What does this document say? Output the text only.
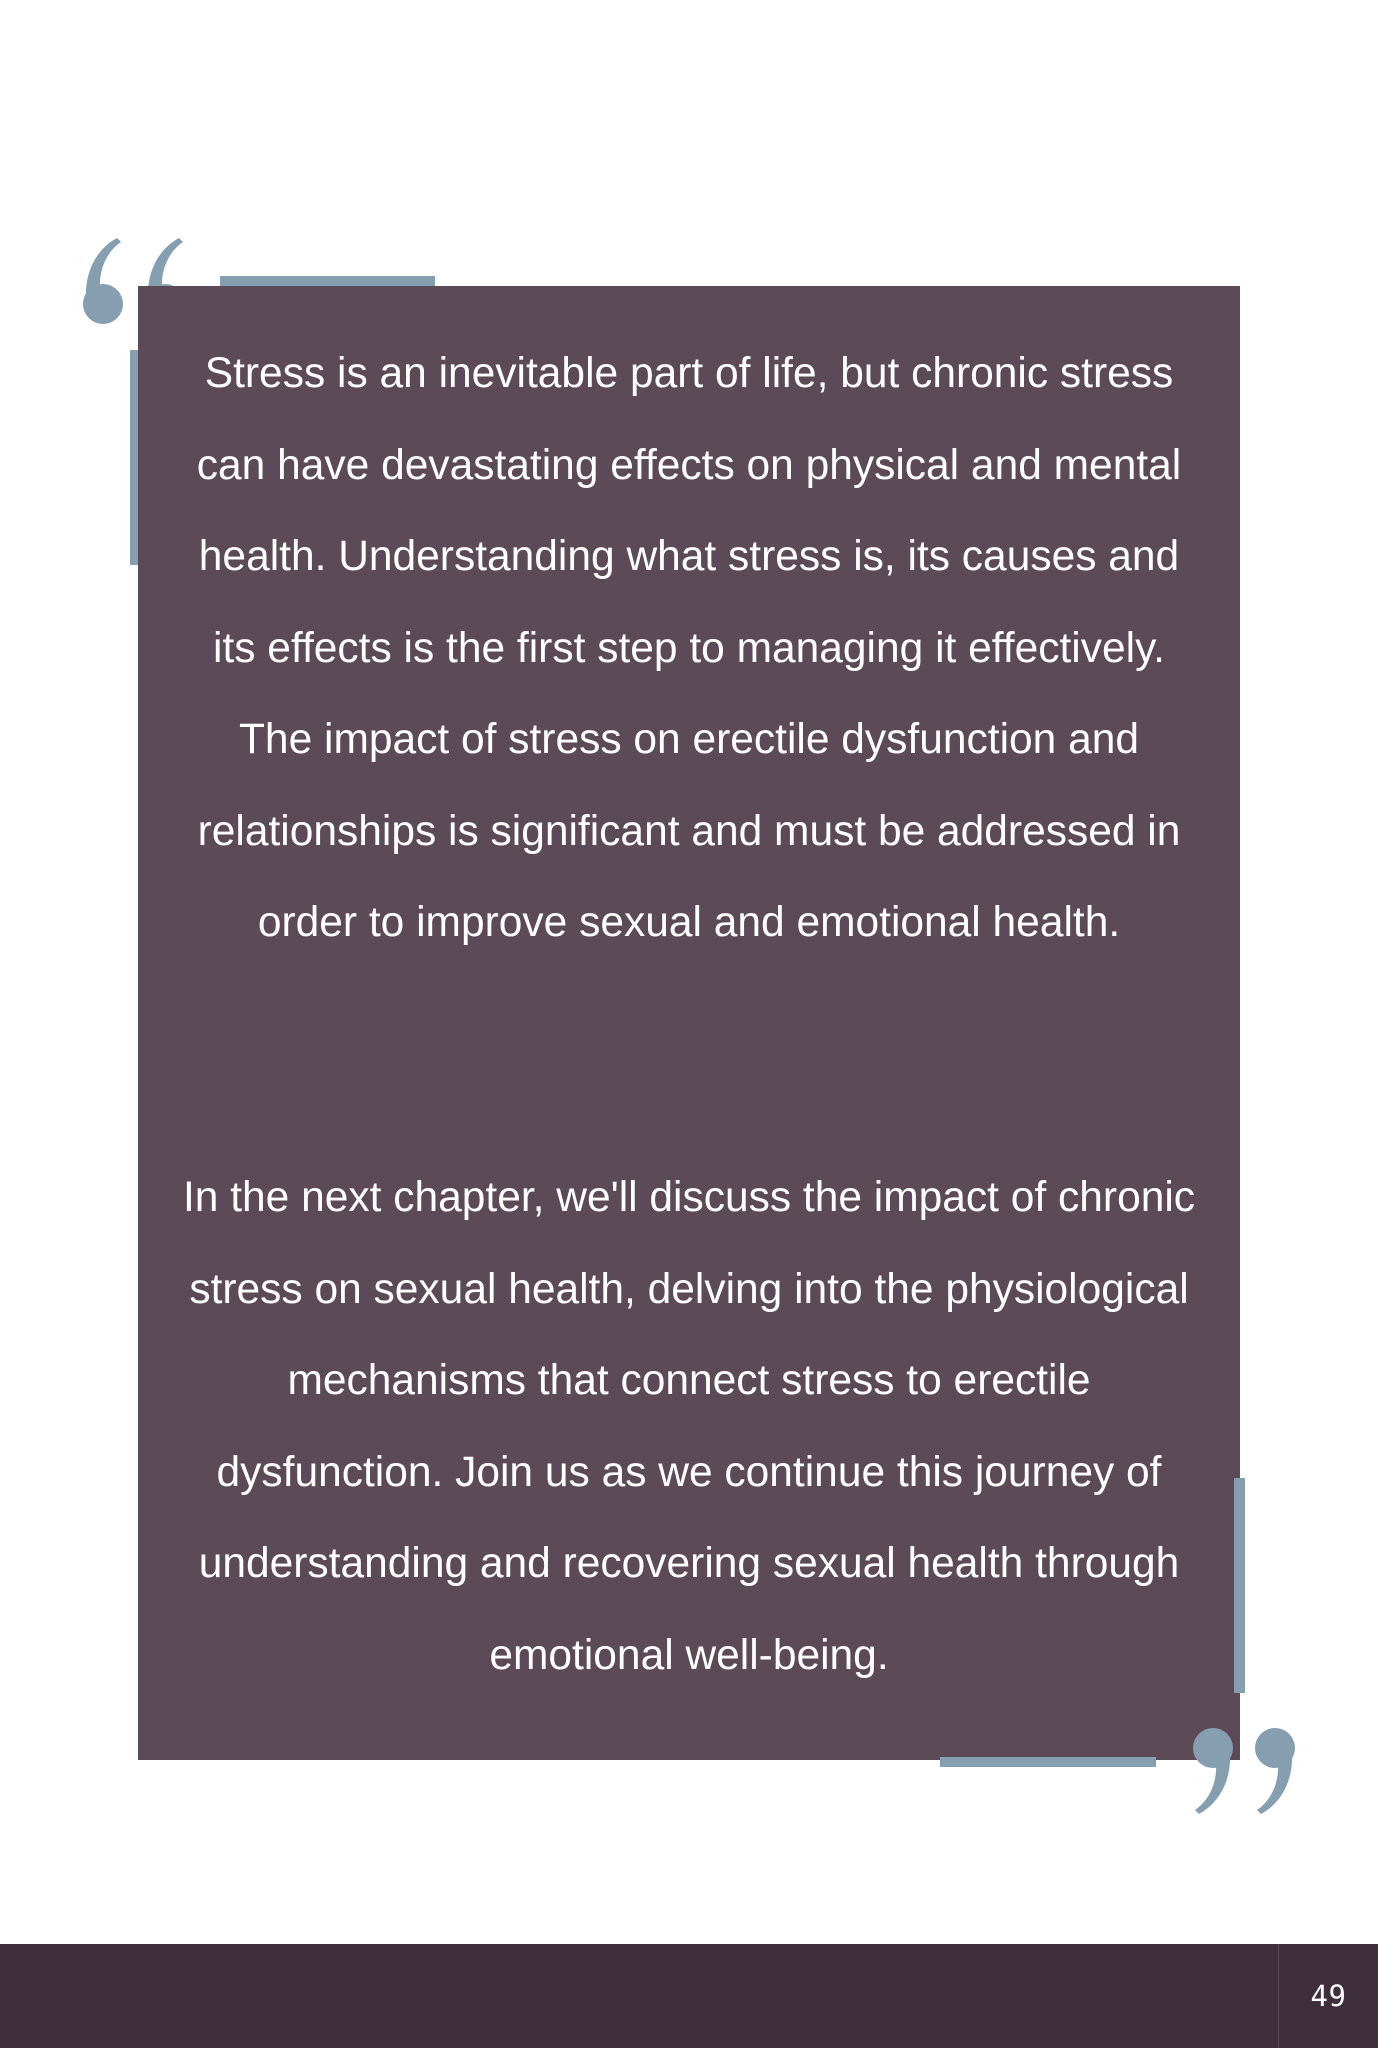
Stress is an inevitable part of life, but chronic stress can have devastating effects on physical and mental health. Understanding what stress is, its causes and its effects is the first step to managing it effectively. The impact of stress on erectile dysfunction and relationships is significant and must be addressed in order to improve sexual and emotional health.

In the next chapter, we'll discuss the impact of chronic stress on sexual health, delving into the physiological mechanisms that connect stress to erectile dysfunction. Join us as we continue this journey of understanding and recovering sexual health through emotional well-being.

49
